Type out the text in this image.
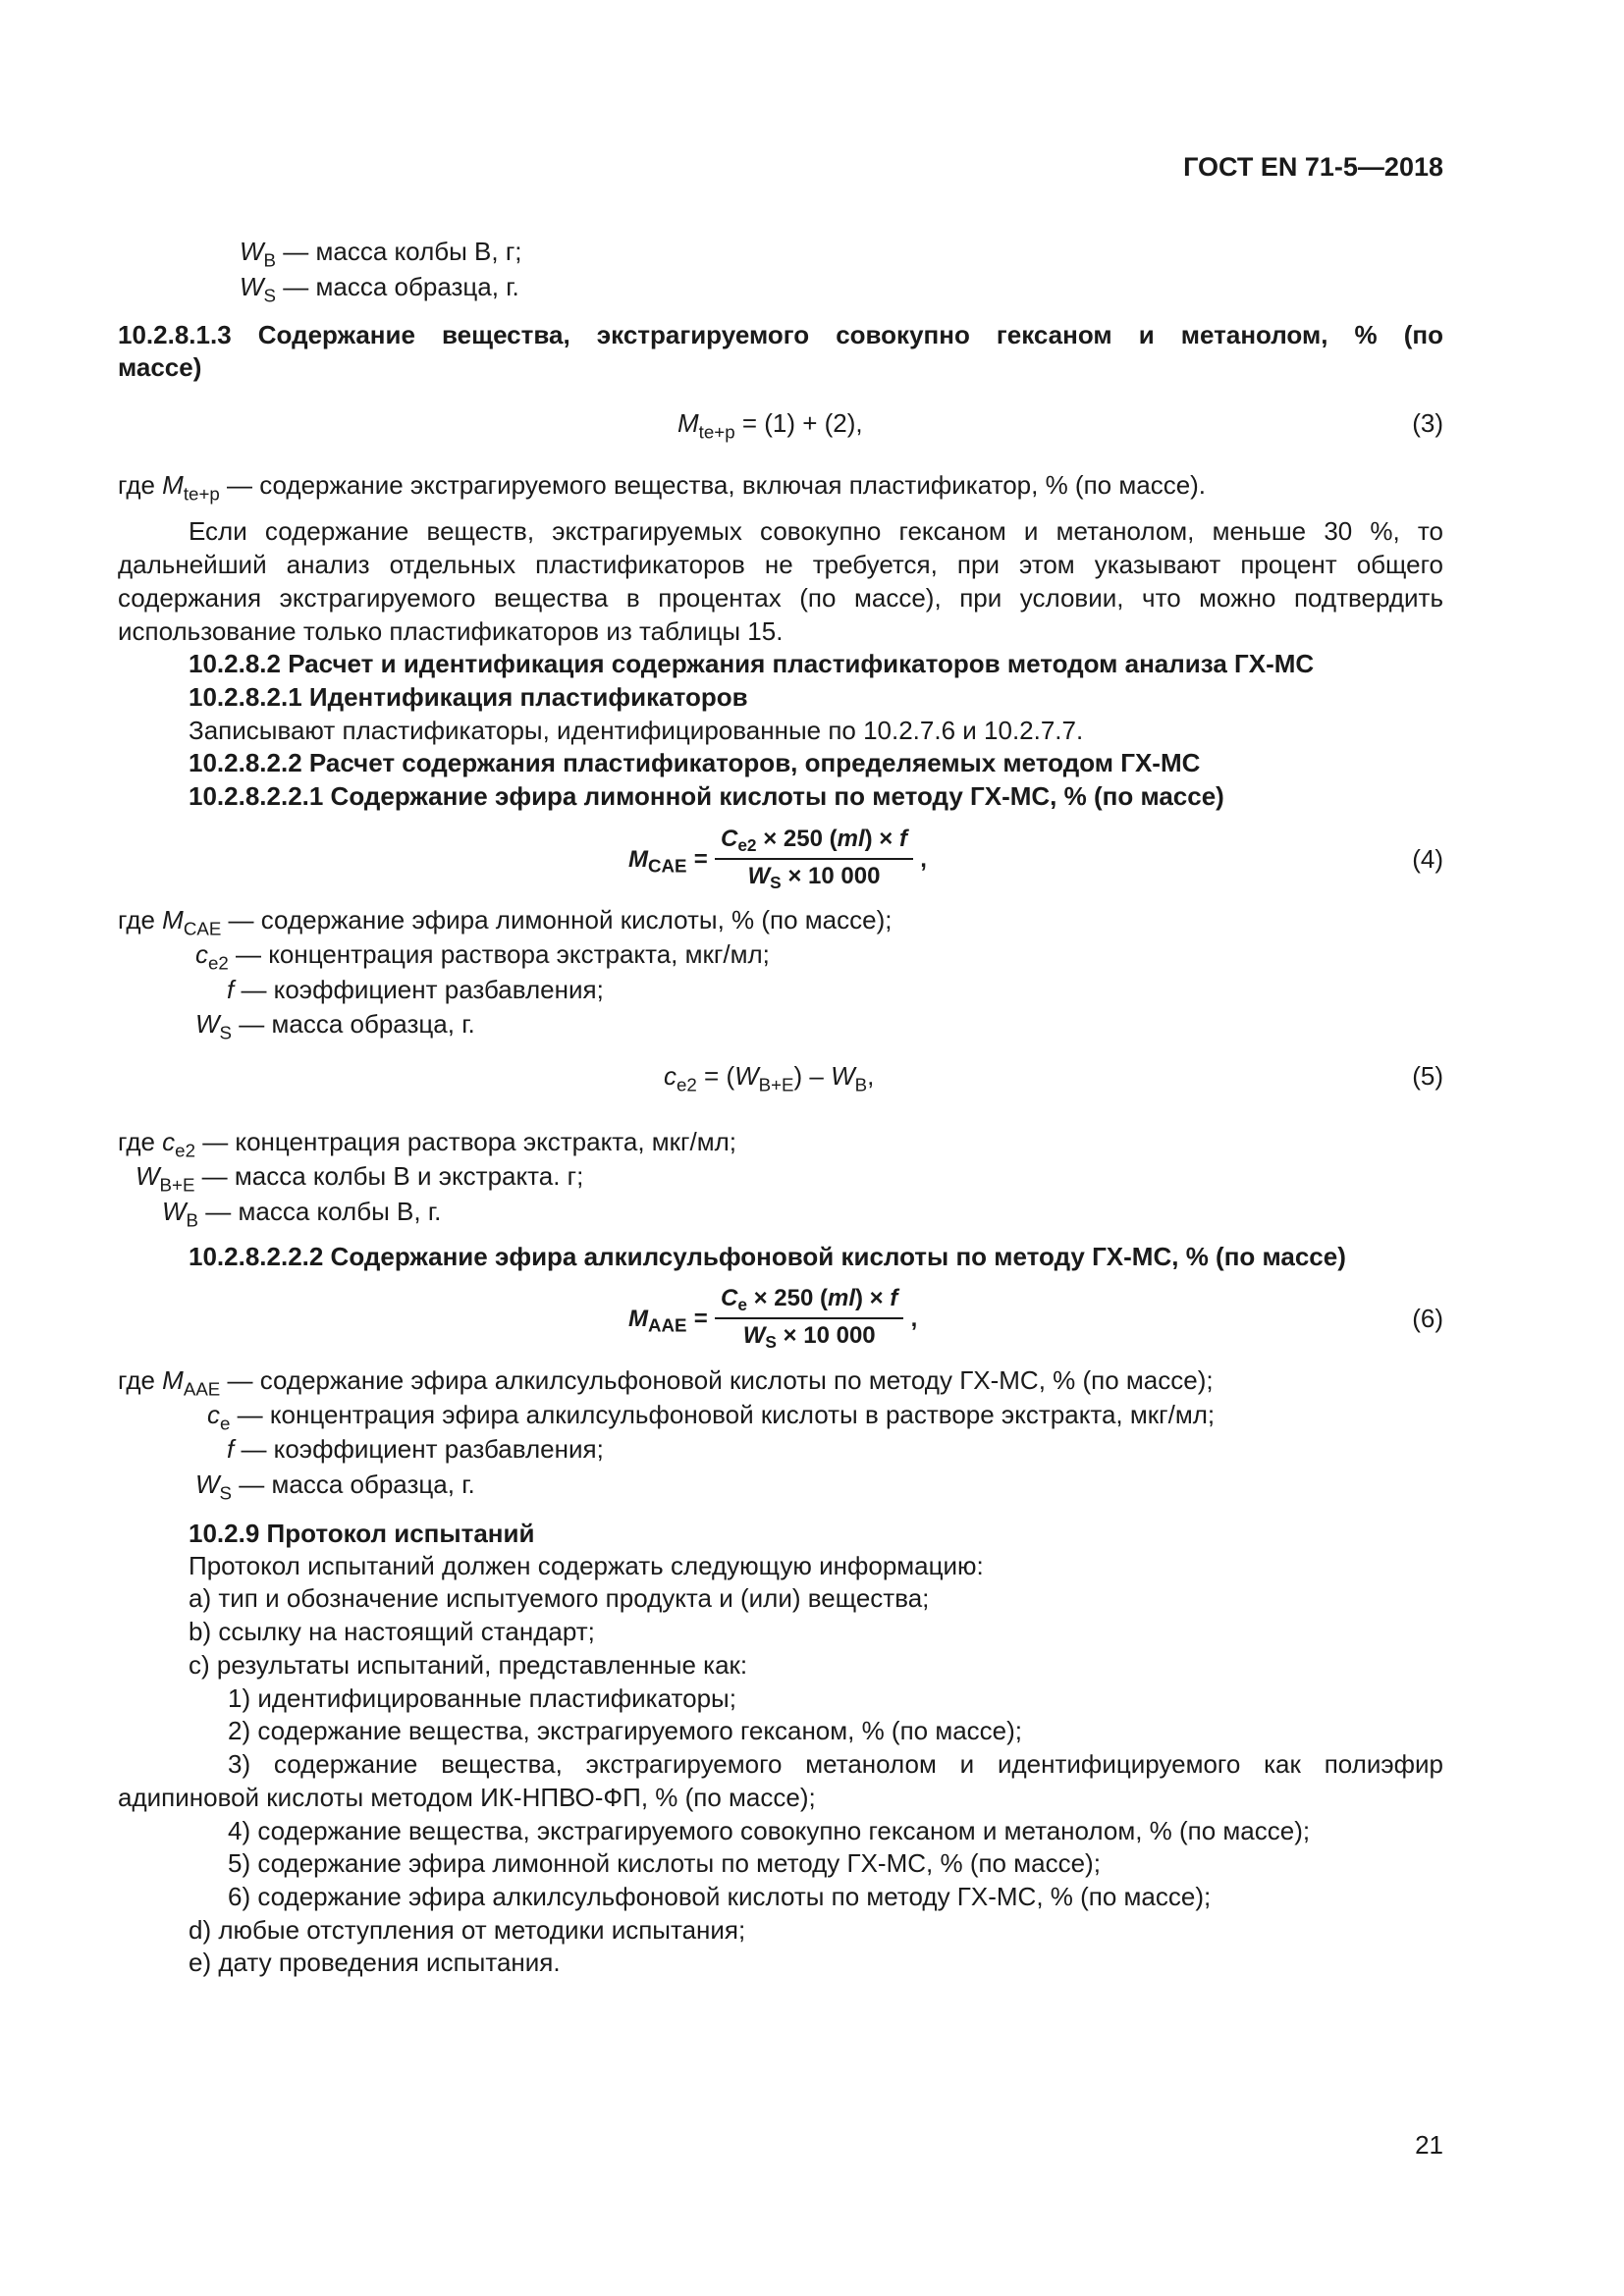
ГОСТ EN 71-5—2018
$W_B$ — масса колбы В, г;
$W_S$ — масса образца, г.
10.2.8.1.3 Содержание вещества, экстрагируемого совокупно гексаном и метанолом, % (по
массе)
$M_{te+p} = (1) + (2)$,	(3)
где $M_{te+p}$ — содержание экстрагируемого вещества, включая пластификатор, % (по массе).
Если содержание веществ, экстрагируемых совокупно гексаном и метанолом, меньше 30 %, то
дальнейший анализ отдельных пластификаторов не требуется, при этом указывают процент общего
содержания экстрагируемого вещества в процентах (по массе), при условии, что можно подтвердить
использование только пластификаторов из таблицы 15.
10.2.8.2 Расчет и идентификация содержания пластификаторов методом анализа ГХ-МС
10.2.8.2.1 Идентификация пластификаторов
Записывают пластификаторы, идентифицированные по 10.2.7.6 и 10.2.7.7.
10.2.8.2.2 Расчет содержания пластификаторов, определяемых методом ГХ-МС
10.2.8.2.2.1 Содержание эфира лимонной кислоты по методу ГХ-МС, % (по массе)
$M_{CAE} = \frac{C_{e2} \times 250 (ml) \times f}{W_S \times 10 000}$ ,	(4)
где $M_{CAE}$ — содержание эфира лимонной кислоты, % (по массе);
$c_{e2}$ — концентрация раствора экстракта, мкг/мл;
f — коэффициент разбавления;
$W_S$ — масса образца, г.
$c_{e2} = (W_{B+E}) - W_B$,	(5)
где $c_{e2}$ — концентрация раствора экстракта, мкг/мл;
$W_{B+E}$ — масса колбы В и экстракта. г;
$W_B$ — масса колбы В, г.
10.2.8.2.2.2 Содержание эфира алкилсульфоновой кислоты по методу ГХ-МС, % (по массе)
$M_{AAE} = \frac{C_e \times 250 (ml) \times f}{W_S \times 10 000}$ ,	(6)
где $M_{AAE}$ — содержание эфира алкилсульфоновой кислоты по методу ГХ-МС, % (по массе);
$c_e$ — концентрация эфира алкилсульфоновой кислоты в растворе экстракта, мкг/мл;
f — коэффициент разбавления;
$W_S$ — масса образца, г.
10.2.9 Протокол испытаний
Протокол испытаний должен содержать следующую информацию:
a) тип и обозначение испытуемого продукта и (или) вещества;
b) ссылку на настоящий стандарт;
c) результаты испытаний, представленные как:
1) идентифицированные пластификаторы;
2) содержание вещества, экстрагируемого гексаном, % (по массе);
3) содержание вещества, экстрагируемого метанолом и идентифицируемого как полиэфир
адипиновой кислоты методом ИК-НПВО-ФП, % (по массе);
4) содержание вещества, экстрагируемого совокупно гексаном и метанолом, % (по массе);
5) содержание эфира лимонной кислоты по методу ГХ-МС, % (по массе);
6) содержание эфира алкилсульфоновой кислоты по методу ГХ-МС, % (по массе);
d) любые отступления от методики испытания;
e) дату проведения испытания.
21
